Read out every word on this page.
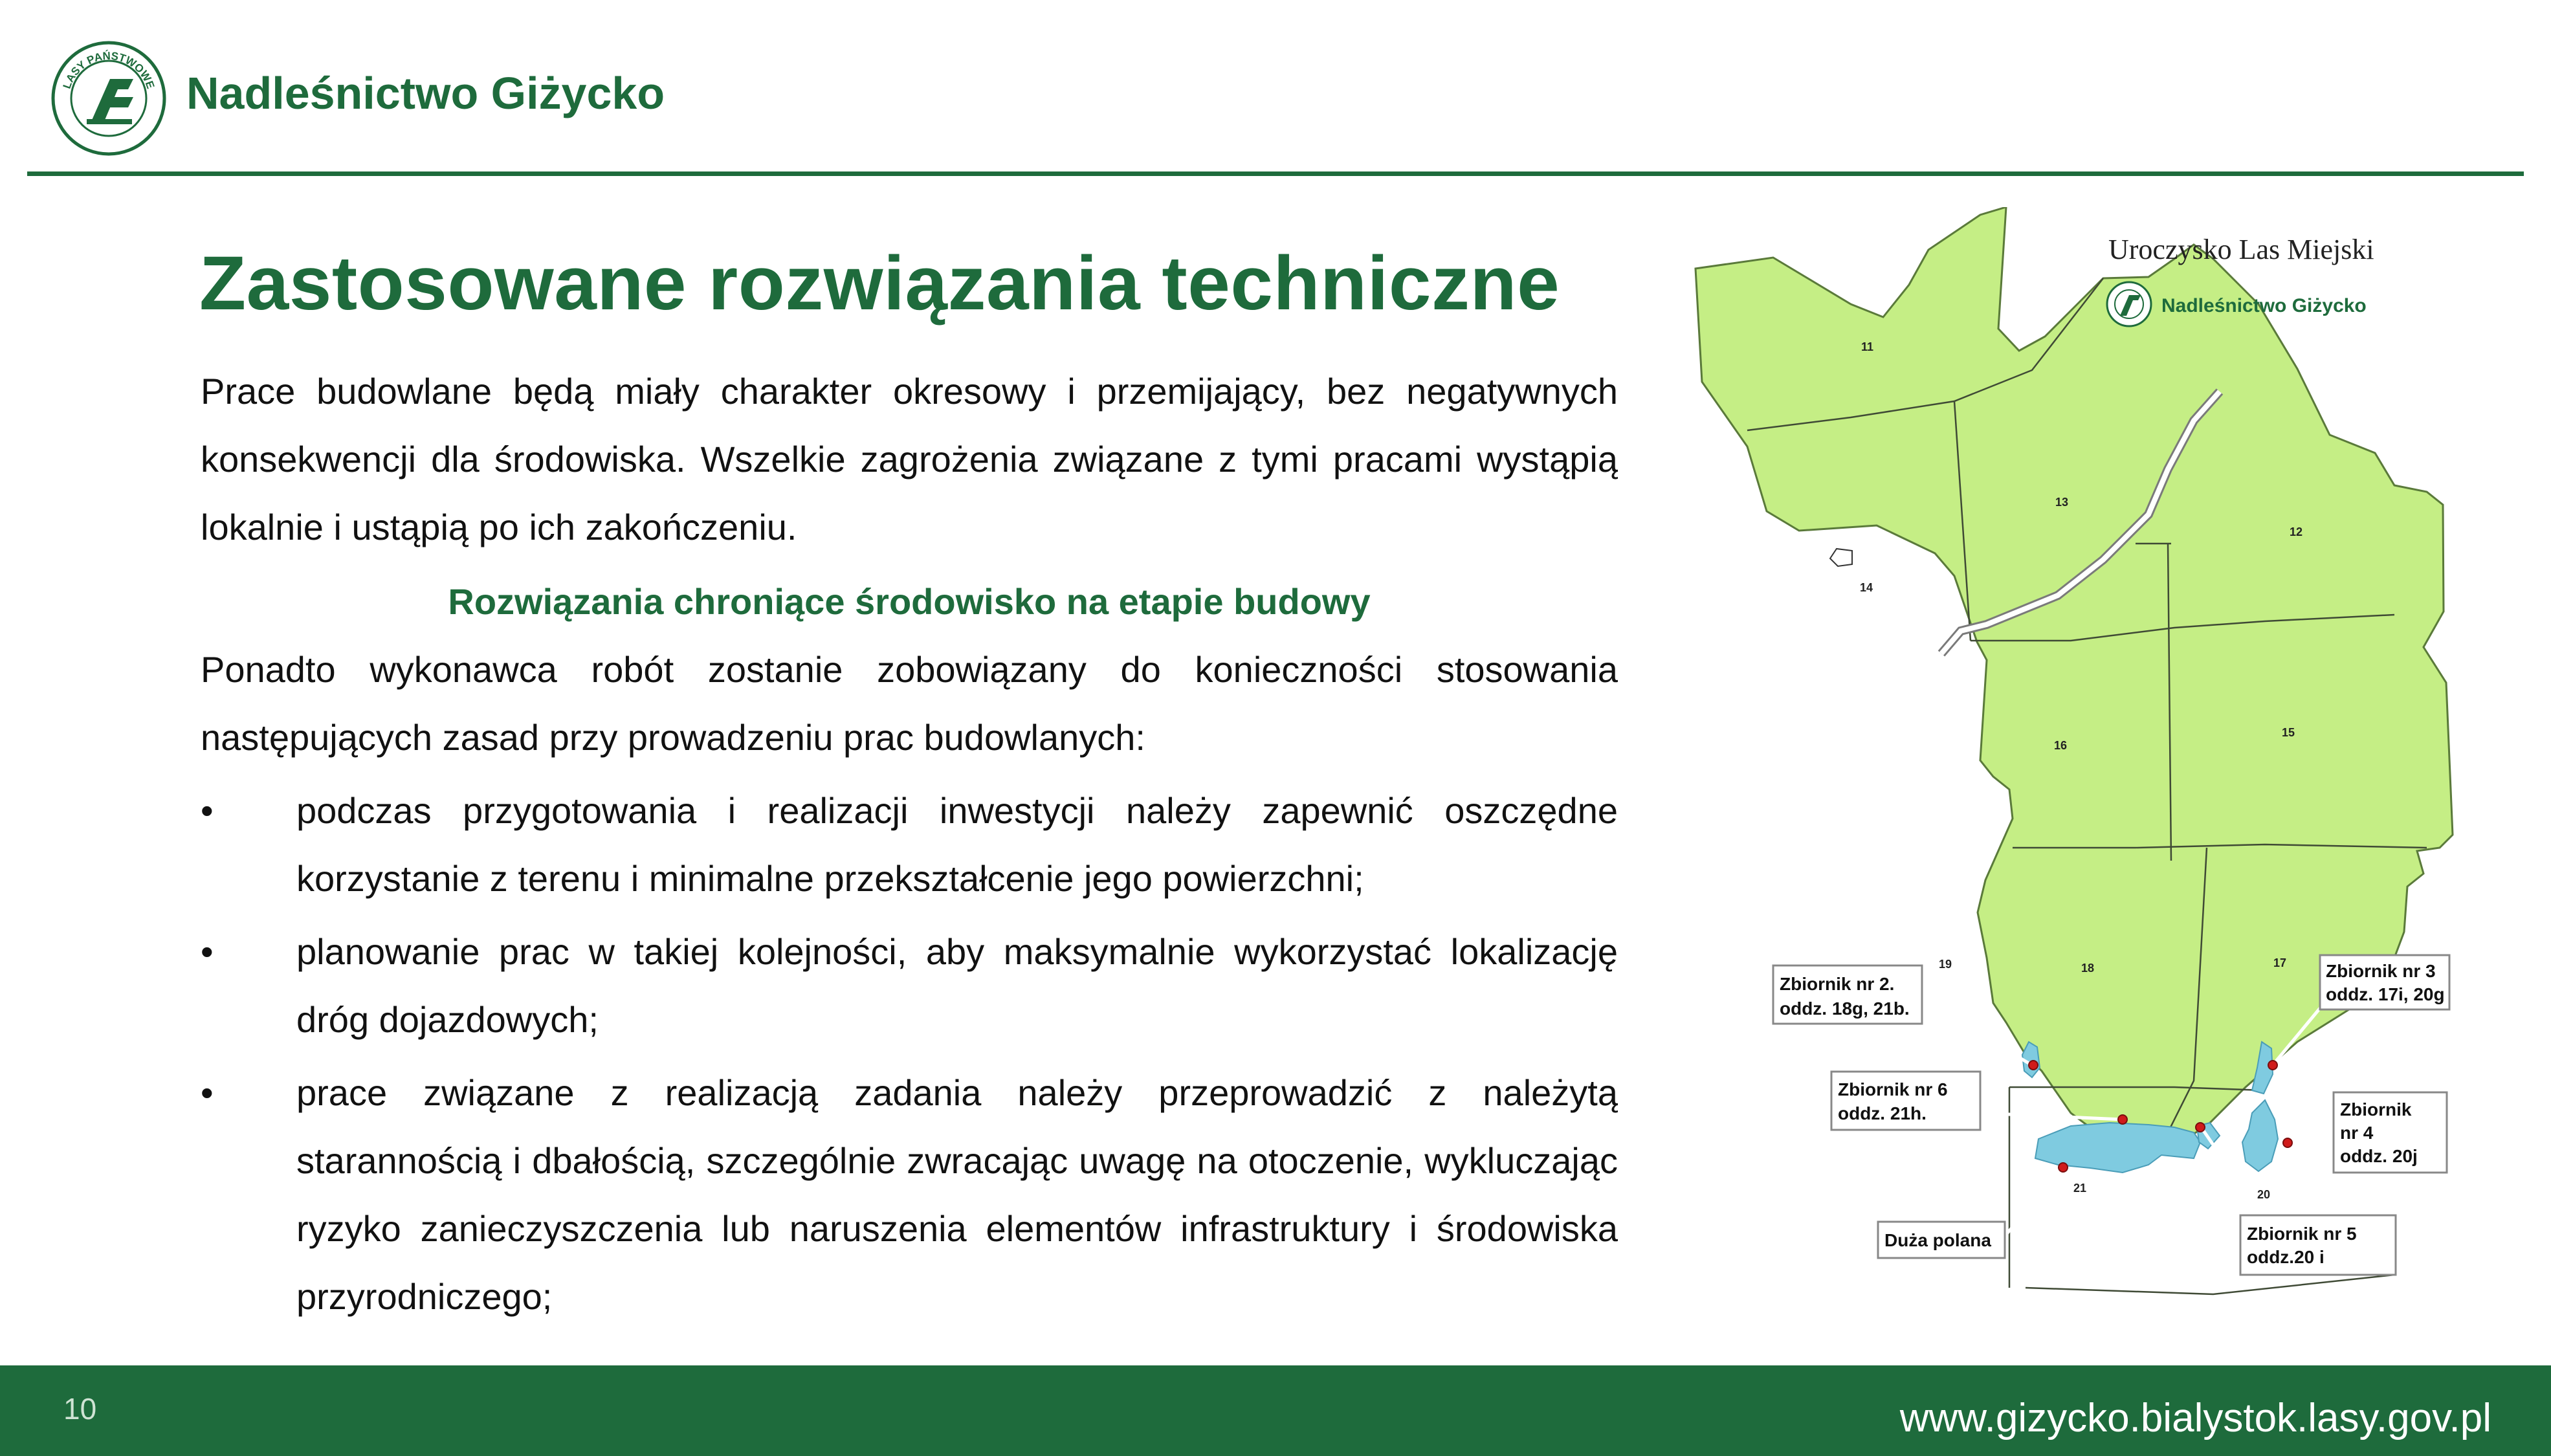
LASY PAŃSTWOWE Nadleśnictwo Giżycko
Zastosowane rozwiązania techniczne

Prace budowlane będą miały charakter okresowy i przemijający, bez negatywnych konsekwencji dla środowiska. Wszelkie zagrożenia związane z tymi pracami wystąpią lokalnie i ustąpią po ich zakończeniu.

Rozwiązania chroniące środowisko na etapie budowy

Ponadto wykonawca robót zostanie zobowiązany do konieczności stosowania następujących zasad przy prowadzeniu prac budowlanych:

•	podczas przygotowania i realizacji inwestycji należy zapewnić oszczędne korzystanie z terenu i minimalne przekształcenie jego powierzchni;
•	planowanie prac w takiej kolejności, aby maksymalnie wykorzystać lokalizację dróg dojazdowych;
•	prace związane z realizacją zadania należy przeprowadzić z należytą starannością i dbałością, szczególnie zwracając uwagę na otoczenie, wykluczając ryzyko zanieczyszczenia lub naruszenia elementów infrastruktury i środowiska przyrodniczego;
11
13
12
14
16
15
19	18	17
21	20
Zbiornik nr 2.
oddz. 18g, 21b.
Zbiornik nr 3
oddz. 17i, 20g
Zbiornik nr 6
oddz. 21h.	Zbiornik
nr 4
oddz. 20j
Duża polana	Zbiornik nr 5
oddz.20 i
Uroczysko Las Miejski
Nadleśnictwo Giżycko
10	www.gizycko.bialystok.lasy.gov.pl
